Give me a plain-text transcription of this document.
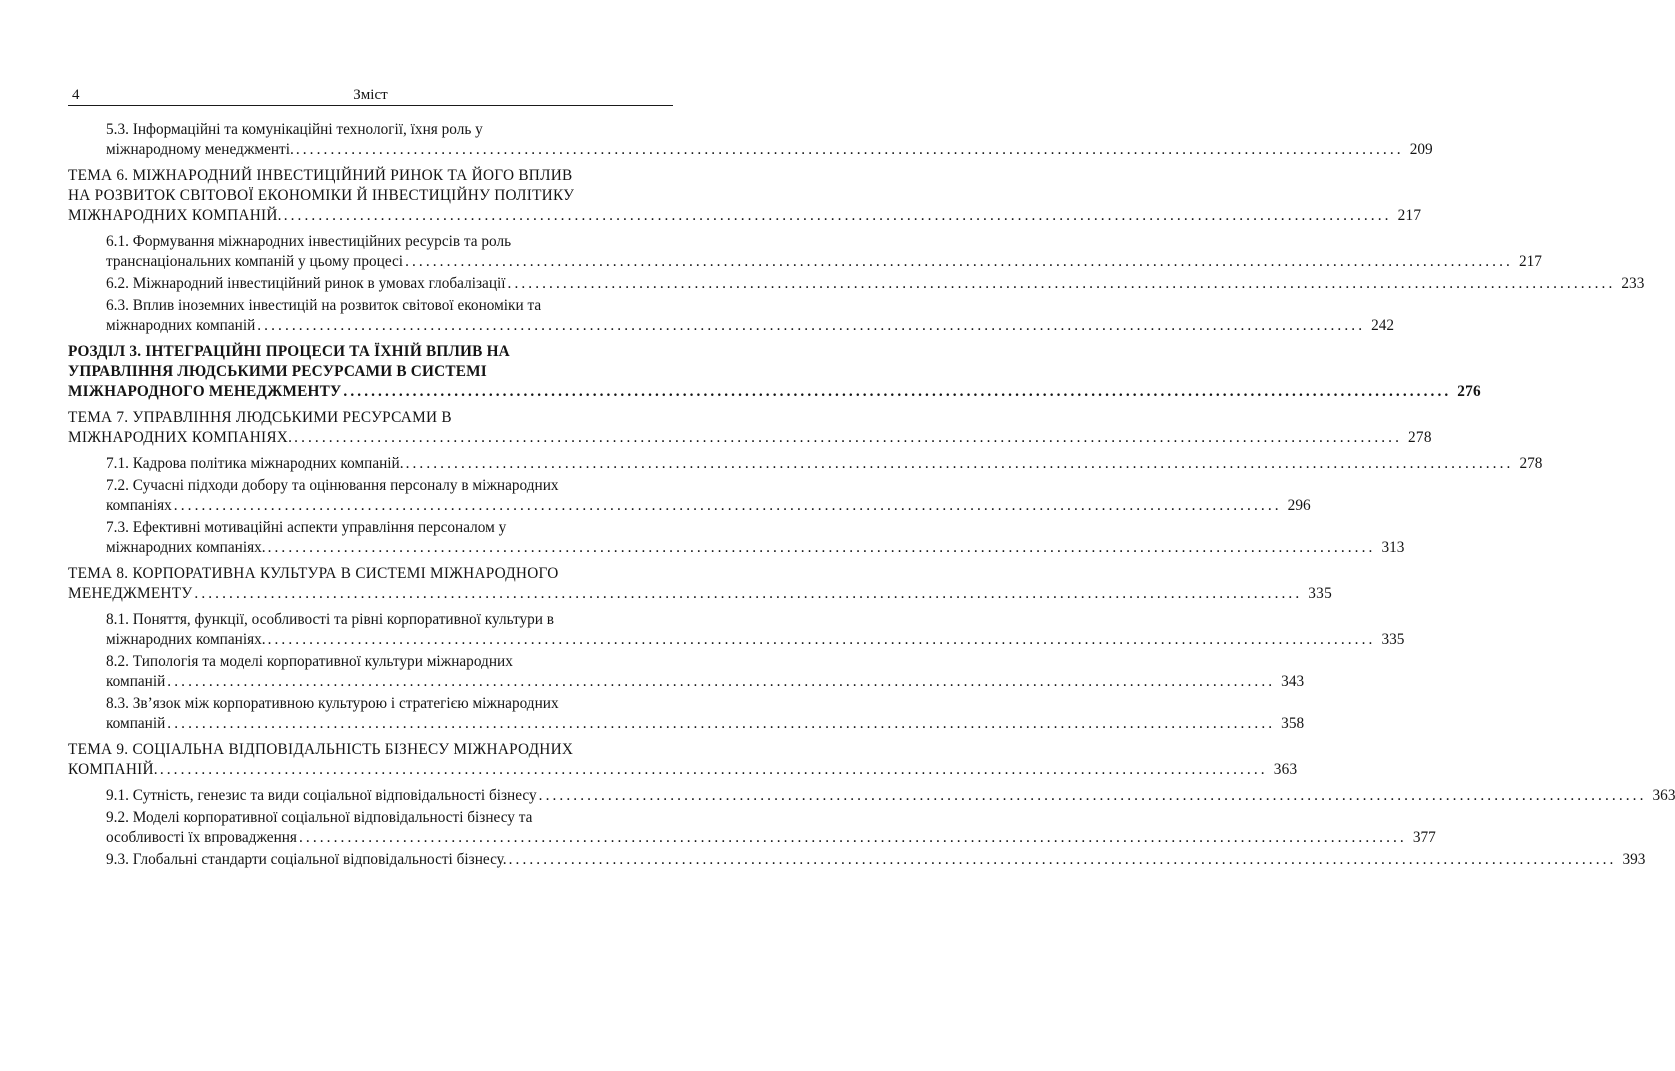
4	Зміст
5.3. Інформаційні та комунікаційні технології, їхня роль у
міжнародному менеджменті. ................................................................................................................................................................ 209
ТЕМА 6. МІЖНАРОДНИЙ ІНВЕСТИЦІЙНИЙ РИНОК ТА ЙОГО ВПЛИВ
НА РОЗВИТОК СВІТОВОЇ ЕКОНОМІКИ Й ІНВЕСТИЦІЙНУ ПОЛІТИКУ
МІЖНАРОДНИХ КОМПАНІЙ. ................................................................................................................................................................ 217
6.1. Формування міжнародних інвестиційних ресурсів та роль
транснаціональних компаній у цьому процесі ................................................................................................................................................................ 217
6.2. Міжнародний інвестиційний ринок в умовах глобалізації ................................................................................................................................................................ 233
6.3. Вплив іноземних інвестицій на розвиток світової економіки та
міжнародних компаній ................................................................................................................................................................ 242
РОЗДІЛ 3. ІНТЕГРАЦІЙНІ ПРОЦЕСИ ТА ЇХНІЙ ВПЛИВ НА
УПРАВЛІННЯ ЛЮДСЬКИМИ РЕСУРСАМИ В СИСТЕМІ
МІЖНАРОДНОГО МЕНЕДЖМЕНТУ ................................................................................................................................................................ 276
ТЕМА 7. УПРАВЛІННЯ ЛЮДСЬКИМИ РЕСУРСАМИ В
МІЖНАРОДНИХ КОМПАНІЯХ. ................................................................................................................................................................ 278
7.1. Кадрова політика міжнародних компаній. ................................................................................................................................................................ 278
7.2. Сучасні підходи добору та оцінювання персоналу в міжнародних
компаніях ................................................................................................................................................................ 296
7.3. Ефективні мотиваційні аспекти управління персоналом у
міжнародних компаніях. ................................................................................................................................................................ 313
ТЕМА 8. КОРПОРАТИВНА КУЛЬТУРА В СИСТЕМІ МІЖНАРОДНОГО
МЕНЕДЖМЕНТУ ................................................................................................................................................................ 335
8.1. Поняття, функції, особливості та рівні корпоративної культури в
міжнародних компаніях. ................................................................................................................................................................ 335
8.2. Типологія та моделі корпоративної культури міжнародних
компаній ................................................................................................................................................................ 343
8.3. Зв’язок між корпоративною культурою і стратегією міжнародних
компаній ................................................................................................................................................................ 358
ТЕМА 9. СОЦІАЛЬНА ВІДПОВІДАЛЬНІСТЬ БІЗНЕСУ МІЖНАРОДНИХ
КОМПАНІЙ. ................................................................................................................................................................ 363
9.1. Сутність, генезис та види соціальної відповідальності бізнесу ................................................................................................................................................................ 363
9.2. Моделі корпоративної соціальної відповідальності бізнесу та
особливості їх впровадження ................................................................................................................................................................ 377
9.3. Глобальні стандарти соціальної відповідальності бізнесу. ................................................................................................................................................................ 393
